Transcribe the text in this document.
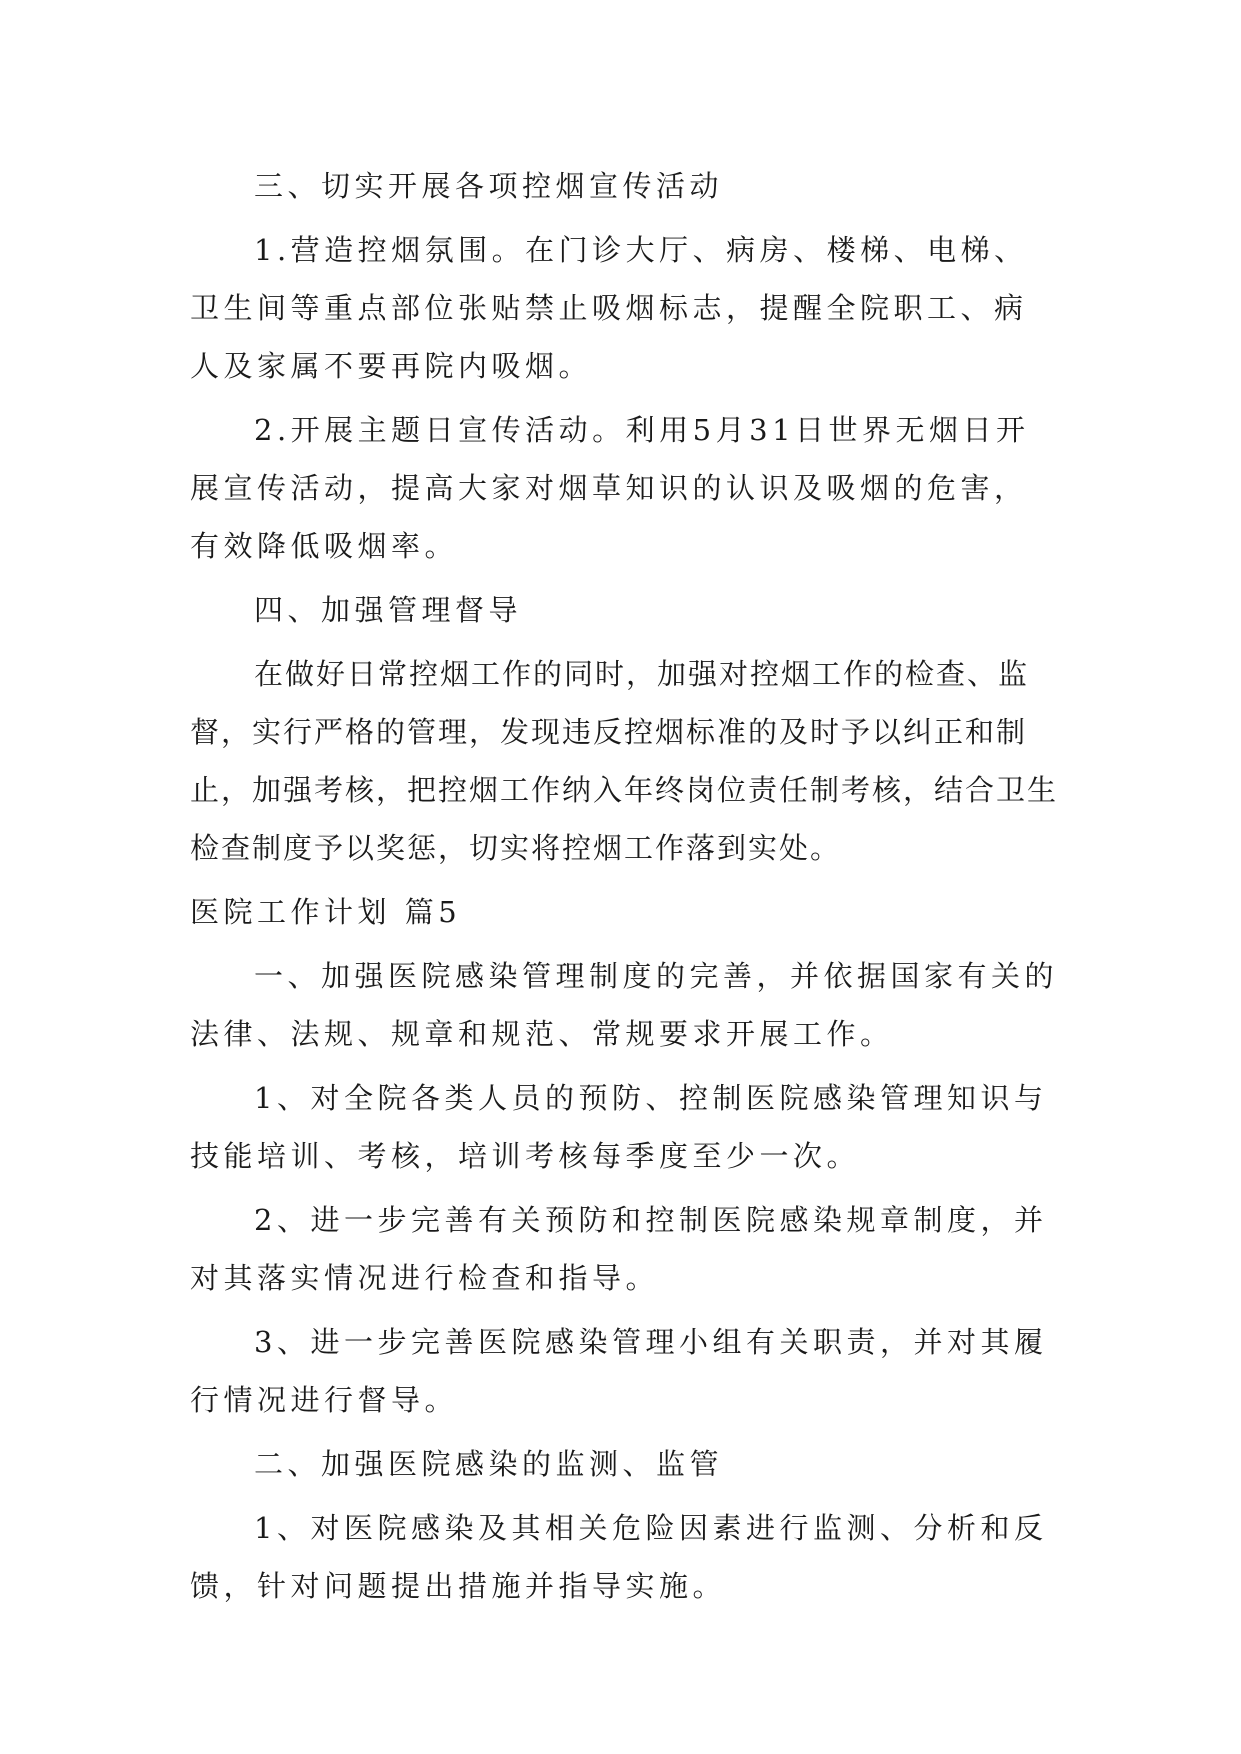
三、切实开展各项控烟宣传活动

1.营造控烟氛围。在门诊大厅、病房、楼梯、电梯、卫生间等重点部位张贴禁止吸烟标志，提醒全院职工、病人及家属不要再院内吸烟。

2.开展主题日宣传活动。利用5月31日世界无烟日开展宣传活动，提高大家对烟草知识的认识及吸烟的危害，有效降低吸烟率。

四、加强管理督导

在做好日常控烟工作的同时，加强对控烟工作的检查、监督，实行严格的管理，发现违反控烟标准的及时予以纠正和制止，加强考核，把控烟工作纳入年终岗位责任制考核，结合卫生检查制度予以奖惩，切实将控烟工作落到实处。

医院工作计划 篇5

一、加强医院感染管理制度的完善，并依据国家有关的法律、法规、规章和规范、常规要求开展工作。

1、对全院各类人员的预防、控制医院感染管理知识与技能培训、考核，培训考核每季度至少一次。

2、进一步完善有关预防和控制医院感染规章制度，并对其落实情况进行检查和指导。

3、进一步完善医院感染管理小组有关职责，并对其履行情况进行督导。

二、加强医院感染的监测、监管

1、对医院感染及其相关危险因素进行监测、分析和反馈，针对问题提出措施并指导实施。
